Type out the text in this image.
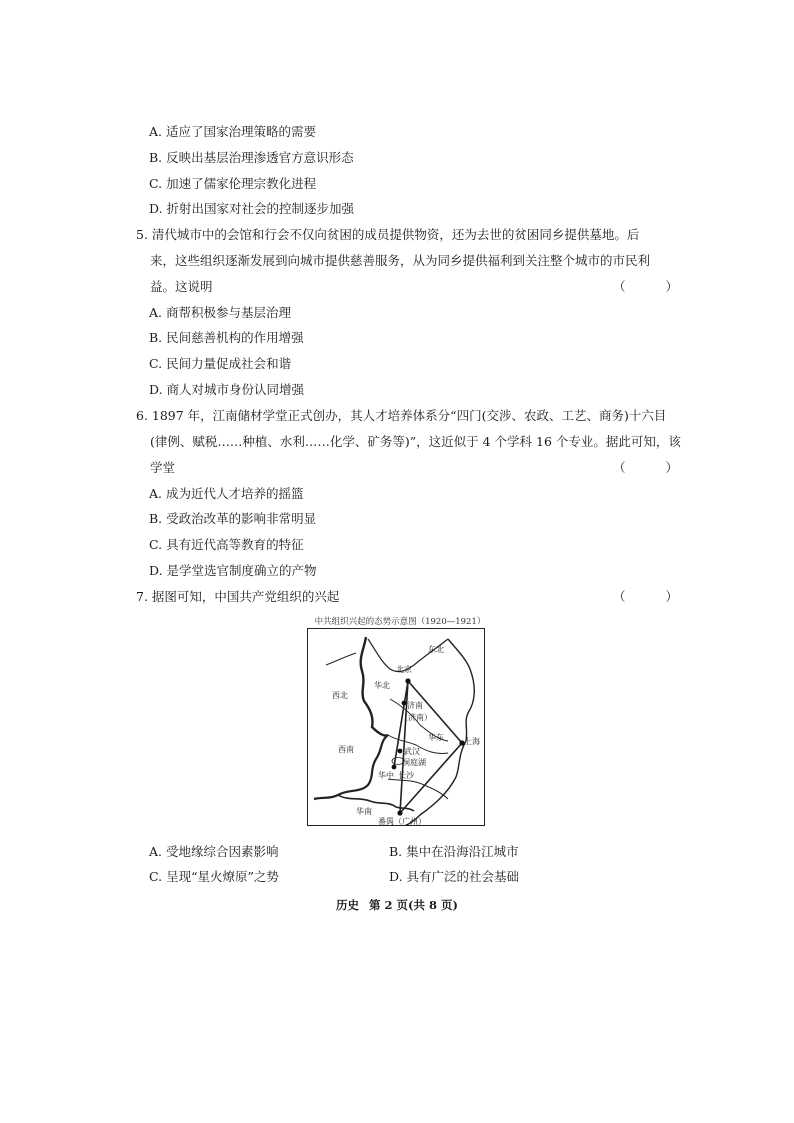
A. 适应了国家治理策略的需要
B. 反映出基层治理渗透官方意识形态
C. 加速了儒家伦理宗教化进程
D. 折射出国家对社会的控制逐步加强
5. 清代城市中的会馆和行会不仅向贫困的成员提供物资，还为去世的贫困同乡提供墓地。后
来，这些组织逐渐发展到向城市提供慈善服务，从为同乡提供福利到关注整个城市的市民利
益。这说明	（ ）
A. 商帮积极参与基层治理
B. 民间慈善机构的作用增强
C. 民间力量促成社会和谐
D. 商人对城市身份认同增强
6. 1897 年，江南储材学堂正式创办，其人才培养体系分“四门(交涉、农政、工艺、商务)十六目
(律例、赋税……种植、水利……化学、矿务等)”，这近似于 4 个学科 16 个专业。据此可知，该
学堂	（ ）
A. 成为近代人才培养的摇篮
B. 受政治改革的影响非常明显
C. 具有近代高等教育的特征
D. 是学堂选官制度确立的产物
7. 据图可知，中国共产党组织的兴起	（ ）
中共组织兴起的态势示意图（1920—1921）
东北
北京
华北
西北
济南
（济南）
华东	上海
西南	武汉
洞庭湖
华中 长沙
华南
番禺（广州）
A. 受地缘综合因素影响	B. 集中在沿海沿江城市
C. 呈现“星火燎原”之势	D. 具有广泛的社会基础
历史 第 2 页(共 8 页)
